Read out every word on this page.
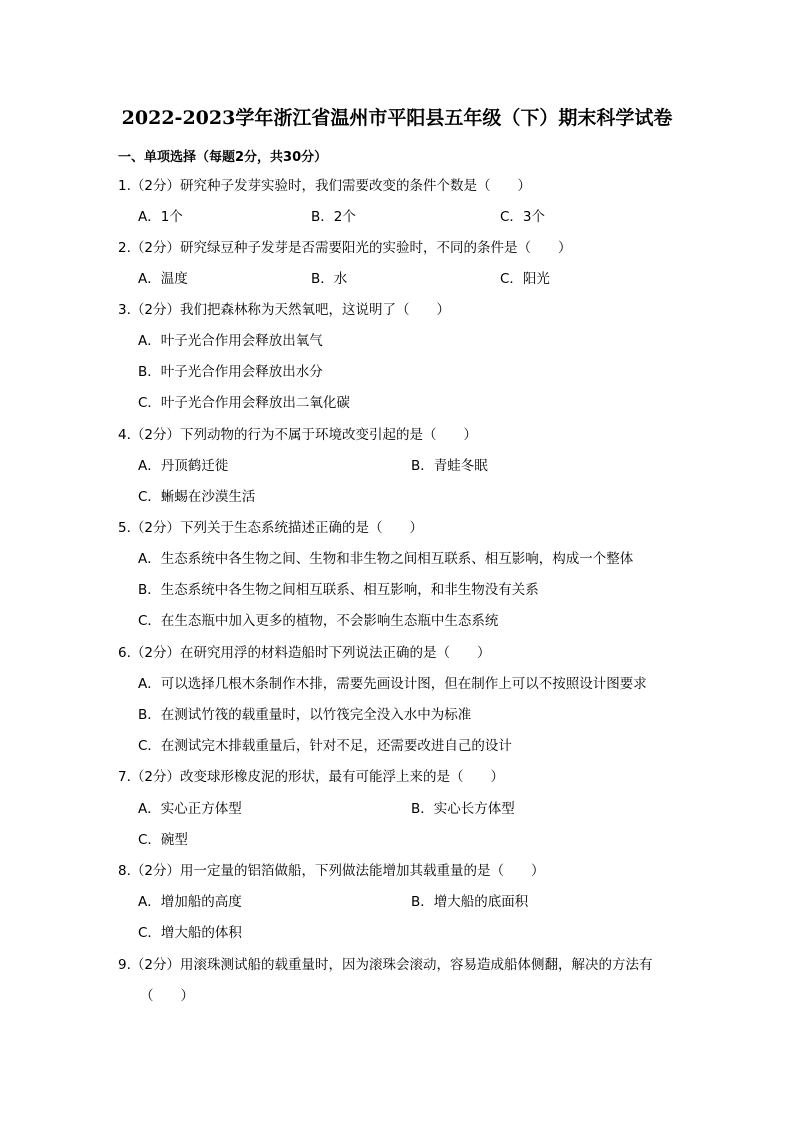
2022-2023学年浙江省温州市平阳县五年级（下）期末科学试卷
一、单项选择（每题2分，共30分）
1.（2分）研究种子发芽实验时，我们需要改变的条件个数是（　　）
A．1个	B．2个	C．3个
2.（2分）研究绿豆种子发芽是否需要阳光的实验时，不同的条件是（　　）
A．温度	B．水	C．阳光
3.（2分）我们把森林称为天然氧吧，这说明了（　　）
A．叶子光合作用会释放出氧气
B．叶子光合作用会释放出水分
C．叶子光合作用会释放出二氧化碳
4.（2分）下列动物的行为不属于环境改变引起的是（　　）
A．丹顶鹤迁徙	B．青蛙冬眠
C．蜥蜴在沙漠生活
5.（2分）下列关于生态系统描述正确的是（　　）
A．生态系统中各生物之间、生物和非生物之间相互联系、相互影响，构成一个整体
B．生态系统中各生物之间相互联系、相互影响，和非生物没有关系
C．在生态瓶中加入更多的植物，不会影响生态瓶中生态系统
6.（2分）在研究用浮的材料造船时下列说法正确的是（　　）
A．可以选择几根木条制作木排，需要先画设计图，但在制作上可以不按照设计图要求
B．在测试竹筏的载重量时，以竹筏完全没入水中为标准
C．在测试完木排载重量后，针对不足，还需要改进自己的设计
7.（2分）改变球形橡皮泥的形状，最有可能浮上来的是（　　）
A．实心正方体型	B．实心长方体型
C．碗型
8.（2分）用一定量的铝箔做船，下列做法能增加其载重量的是（　　）
A．增加船的高度	B．增大船的底面积
C．增大船的体积
9.（2分）用滚珠测试船的载重量时，因为滚珠会滚动，容易造成船体侧翻，解决的方法有
（　　）
